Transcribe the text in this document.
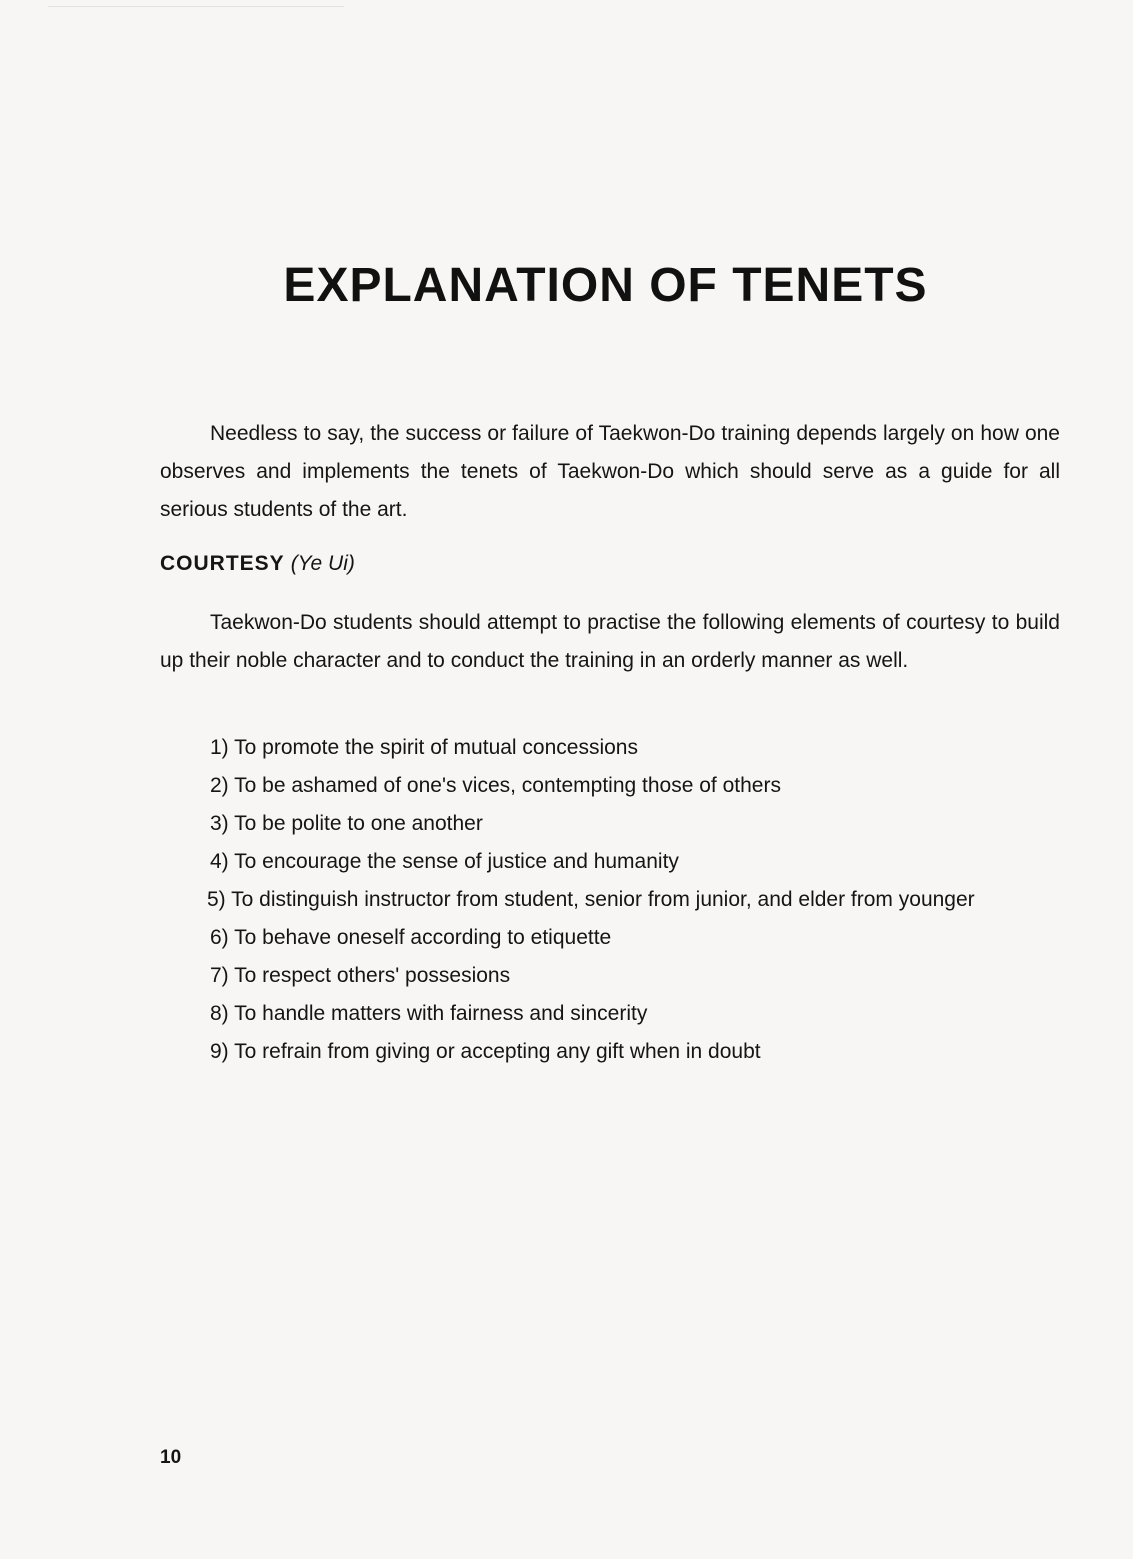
EXPLANATION OF TENETS

Needless to say, the success or failure of Taekwon-Do training depends largely on how one observes and implements the tenets of Taekwon-Do which should serve as a guide for all serious students of the art.

COURTESY (Ye Ui)

Taekwon-Do students should attempt to practise the following elements of courtesy to build up their noble character and to conduct the training in an orderly manner as well.

1) To promote the spirit of mutual concessions
2) To be ashamed of one's vices, contempting those of others
3) To be polite to one another
4) To encourage the sense of justice and humanity
5) To distinguish instructor from student, senior from junior, and elder from younger
6) To behave oneself according to etiquette
7) To respect others' possesions
8) To handle matters with fairness and sincerity
9) To refrain from giving or accepting any gift when in doubt
10
